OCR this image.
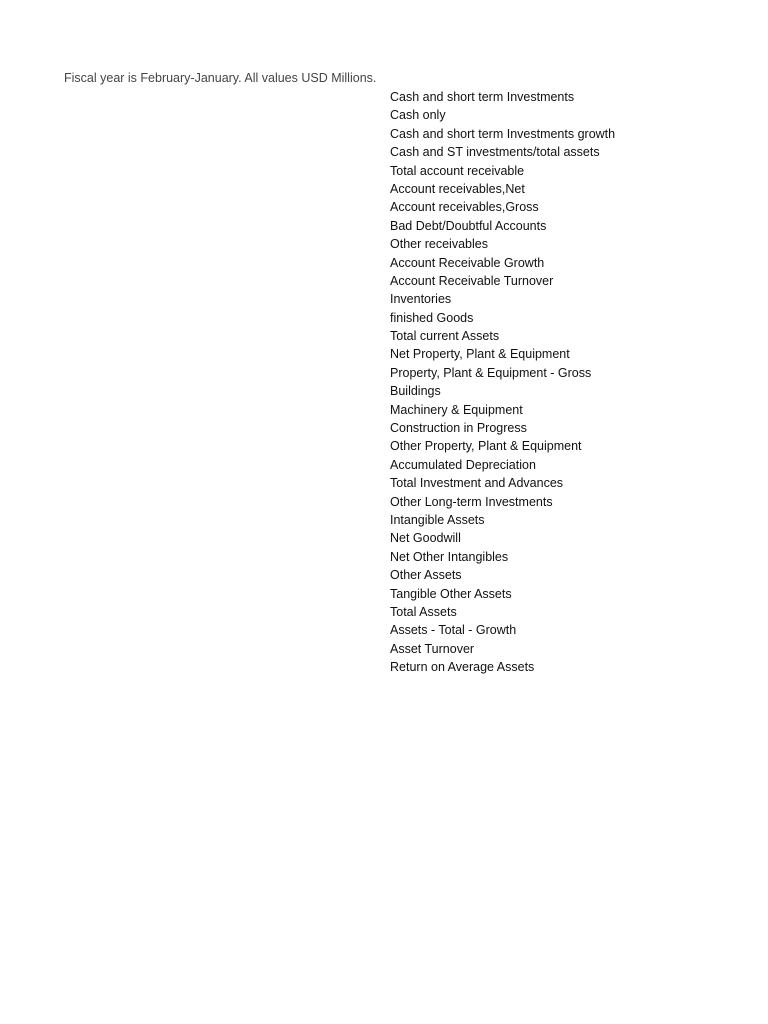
Fiscal year is February-January. All values USD Millions.
Cash and short term Investments
Cash only
Cash and short term Investments growth
Cash and ST investments/total assets
Total account receivable
Account receivables,Net
Account receivables,Gross
Bad Debt/Doubtful Accounts
Other receivables
Account Receivable Growth
Account Receivable Turnover
Inventories
finished Goods
Total current Assets
Net Property, Plant & Equipment
Property, Plant & Equipment - Gross
Buildings
Machinery & Equipment
Construction in Progress
Other Property, Plant & Equipment
Accumulated Depreciation
Total Investment and Advances
Other Long-term Investments
Intangible Assets
Net Goodwill
Net Other Intangibles
Other Assets
Tangible Other Assets
Total Assets
Assets - Total - Growth
Asset Turnover
Return on Average Assets
